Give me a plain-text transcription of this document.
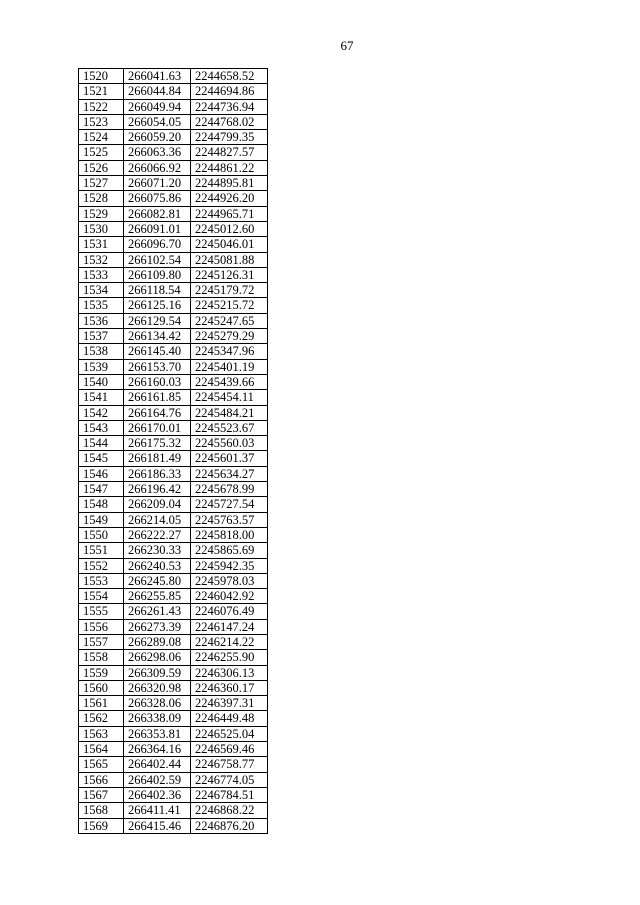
67
1520	266041.63	2244658.52
1521	266044.84	2244694.86
1522	266049.94	2244736.94
1523	266054.05	2244768.02
1524	266059.20	2244799.35
1525	266063.36	2244827.57
1526	266066.92	2244861.22
1527	266071.20	2244895.81
1528	266075.86	2244926.20
1529	266082.81	2244965.71
1530	266091.01	2245012.60
1531	266096.70	2245046.01
1532	266102.54	2245081.88
1533	266109.80	2245126.31
1534	266118.54	2245179.72
1535	266125.16	2245215.72
1536	266129.54	2245247.65
1537	266134.42	2245279.29
1538	266145.40	2245347.96
1539	266153.70	2245401.19
1540	266160.03	2245439.66
1541	266161.85	2245454.11
1542	266164.76	2245484.21
1543	266170.01	2245523.67
1544	266175.32	2245560.03
1545	266181.49	2245601.37
1546	266186.33	2245634.27
1547	266196.42	2245678.99
1548	266209.04	2245727.54
1549	266214.05	2245763.57
1550	266222.27	2245818.00
1551	266230.33	2245865.69
1552	266240.53	2245942.35
1553	266245.80	2245978.03
1554	266255.85	2246042.92
1555	266261.43	2246076.49
1556	266273.39	2246147.24
1557	266289.08	2246214.22
1558	266298.06	2246255.90
1559	266309.59	2246306.13
1560	266320.98	2246360.17
1561	266328.06	2246397.31
1562	266338.09	2246449.48
1563	266353.81	2246525.04
1564	266364.16	2246569.46
1565	266402.44	2246758.77
1566	266402.59	2246774.05
1567	266402.36	2246784.51
1568	266411.41	2246868.22
1569	266415.46	2246876.20
